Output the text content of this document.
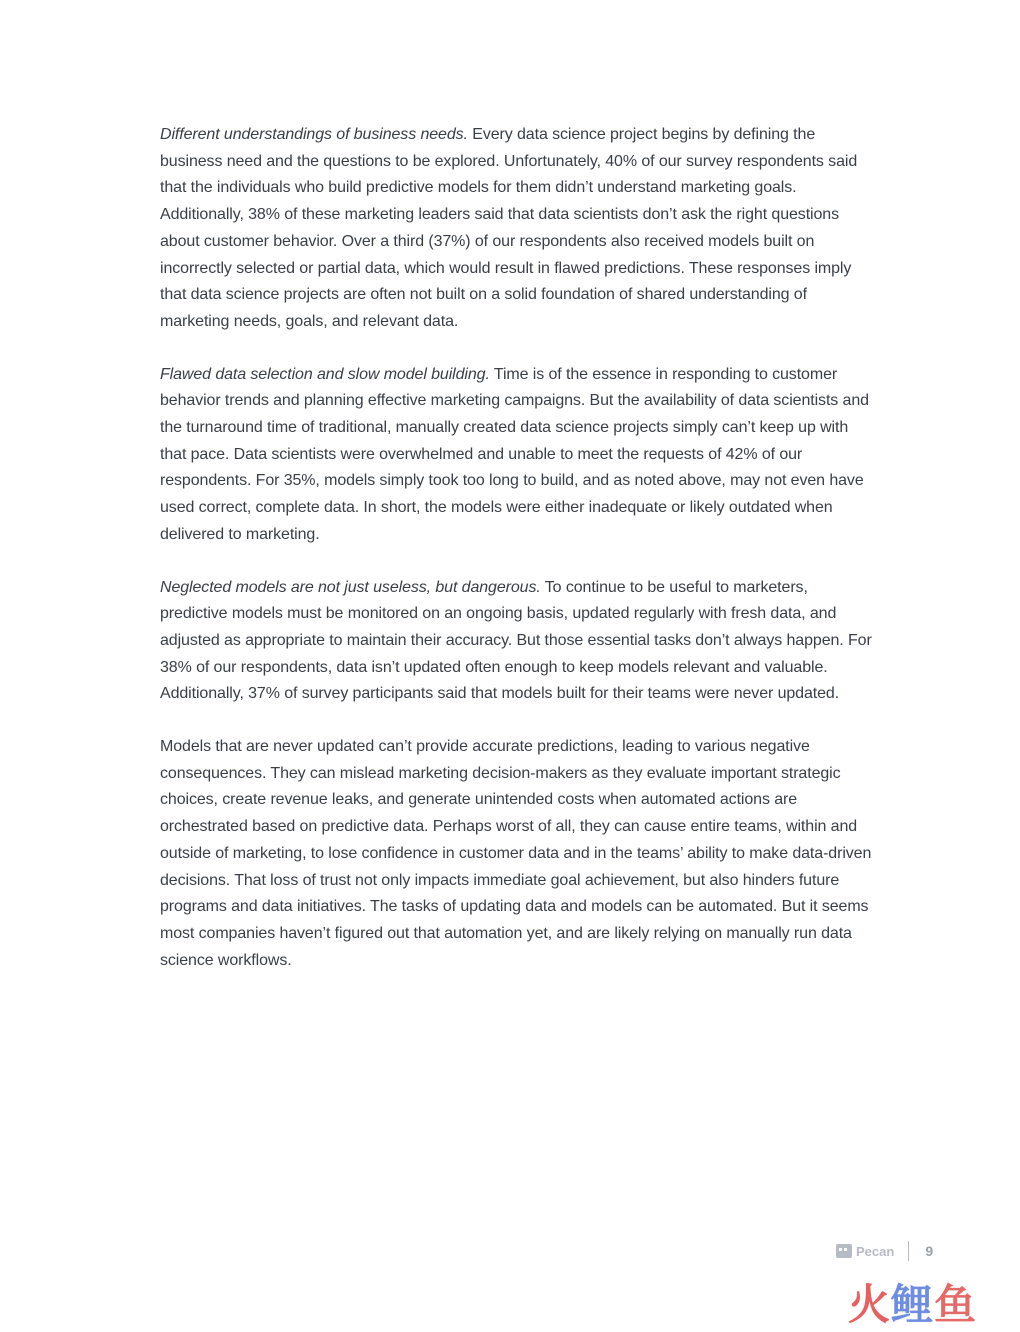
Different understandings of business needs. Every data science project begins by defining the business need and the questions to be explored. Unfortunately, 40% of our survey respondents said that the individuals who build predictive models for them didn’t understand marketing goals. Additionally, 38% of these marketing leaders said that data scientists don’t ask the right questions about customer behavior. Over a third (37%) of our respondents also received models built on incorrectly selected or partial data, which would result in flawed predictions. These responses imply that data science projects are often not built on a solid foundation of shared understanding of marketing needs, goals, and relevant data.

Flawed data selection and slow model building. Time is of the essence in responding to customer behavior trends and planning effective marketing campaigns. But the availability of data scientists and the turnaround time of traditional, manually created data science projects simply can’t keep up with that pace. Data scientists were overwhelmed and unable to meet the requests of 42% of our respondents. For 35%, models simply took too long to build, and as noted above, may not even have used correct, complete data. In short, the models were either inadequate or likely outdated when delivered to marketing.

Neglected models are not just useless, but dangerous. To continue to be useful to marketers, predictive models must be monitored on an ongoing basis, updated regularly with fresh data, and adjusted as appropriate to maintain their accuracy. But those essential tasks don’t always happen. For 38% of our respondents, data isn’t updated often enough to keep models relevant and valuable. Additionally, 37% of survey participants said that models built for their teams were never updated.

Models that are never updated can’t provide accurate predictions, leading to various negative consequences. They can mislead marketing decision-makers as they evaluate important strategic choices, create revenue leaks, and generate unintended costs when automated actions are orchestrated based on predictive data. Perhaps worst of all, they can cause entire teams, within and outside of marketing, to lose confidence in customer data and in the teams’ ability to make data-driven decisions. That loss of trust not only impacts immediate goal achievement, but also hinders future programs and data initiatives. The tasks of updating data and models can be automated. But it seems most companies haven’t figured out that automation yet, and are likely relying on manually run data science workflows.

Pecan 9
火鲤鱼
